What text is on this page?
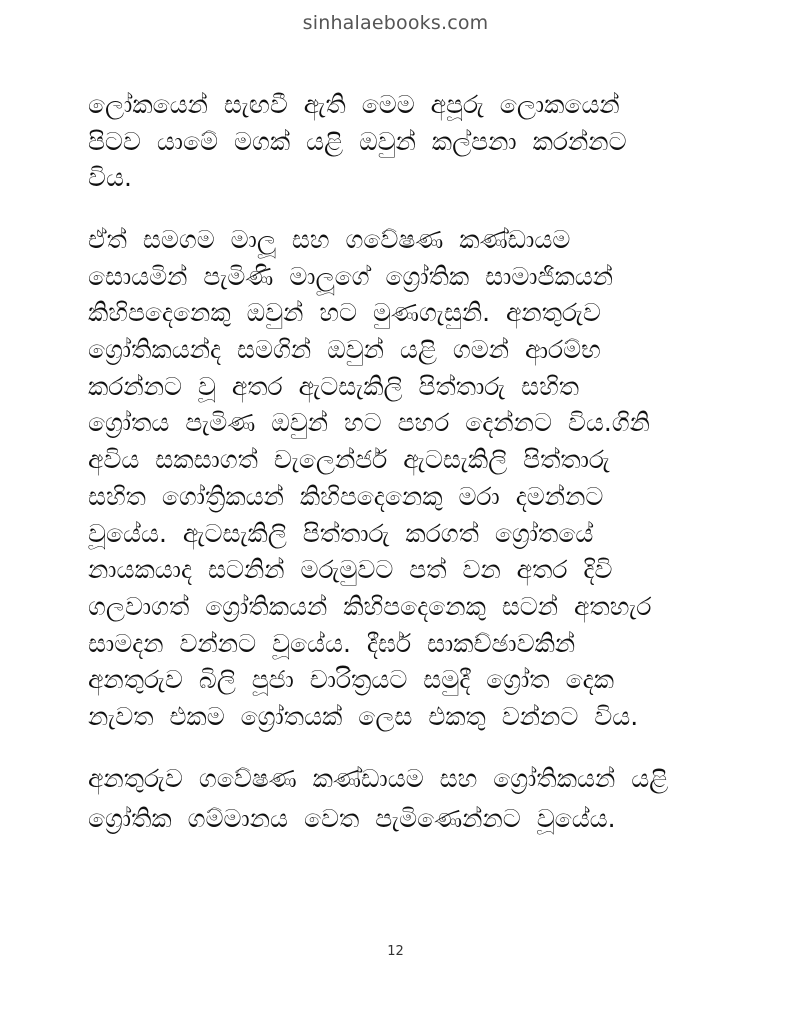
sinhalaebooks.com
ලෝකයෙන් සැඟවී ඇති මෙම අපූරු ලොකයෙන්
පිටව යාමේ මගක් යළි ඔවුන් කල්පනා කරන්නට
විය.
ඒත් සමගම මාලූ සහ ගවේෂණ කණ්ඩායම
සොයමින් පැමිණි මාලූගේ ග්‍රෝතික සාමාජිකයන්
කිහිපදෙනෙකු ඔවුන් හට මුණගැසුනි. අනතුරුව
ග්‍රෝතිකයන්ද සමගින් ඔවුන් යළි ගමන් ආරම්භ
කරන්නට වූ අතර ඇටසැකිලි පිත්තාරු සහිත
ග්‍රෝතය පැමිණ ඔවුන් හට පහර දෙන්නට විය.ගිනි
අවිය සකසාගත් චැලෙන්ජර් ඇටසැකිලි පිත්තාරු
සහිත ගෝත්‍රිකයන් කිහිපදෙනෙකු මරා දමන්නට
වූයේය. ඇටසැකිලි පිත්තාරු කරගත් ග්‍රෝතයේ
නායකයාද සටනින් මරුමුවට පත් වන අතර දිවි
ගලවාගත් ග්‍රෝතිකයන් කිහිපදෙනෙකු සටන් අතහැර
සාමදන වන්නට වූයේය. දීර්ඝ සාකච්ඡාවකින්
අනතුරුව බිලි පූජා චාරිත්‍රයට සමුදී ග්‍රෝත දෙක
නැවත එකම ග්‍රෝතයක් ලෙස එකතු වන්නට විය.
අනතුරුව ගවේෂණ කණ්ඩායම සහ ග්‍රෝතිකයන් යළි
ග්‍රෝතික ගම්මානය වෙත පැමිණෙන්නට වූයේය.
12
